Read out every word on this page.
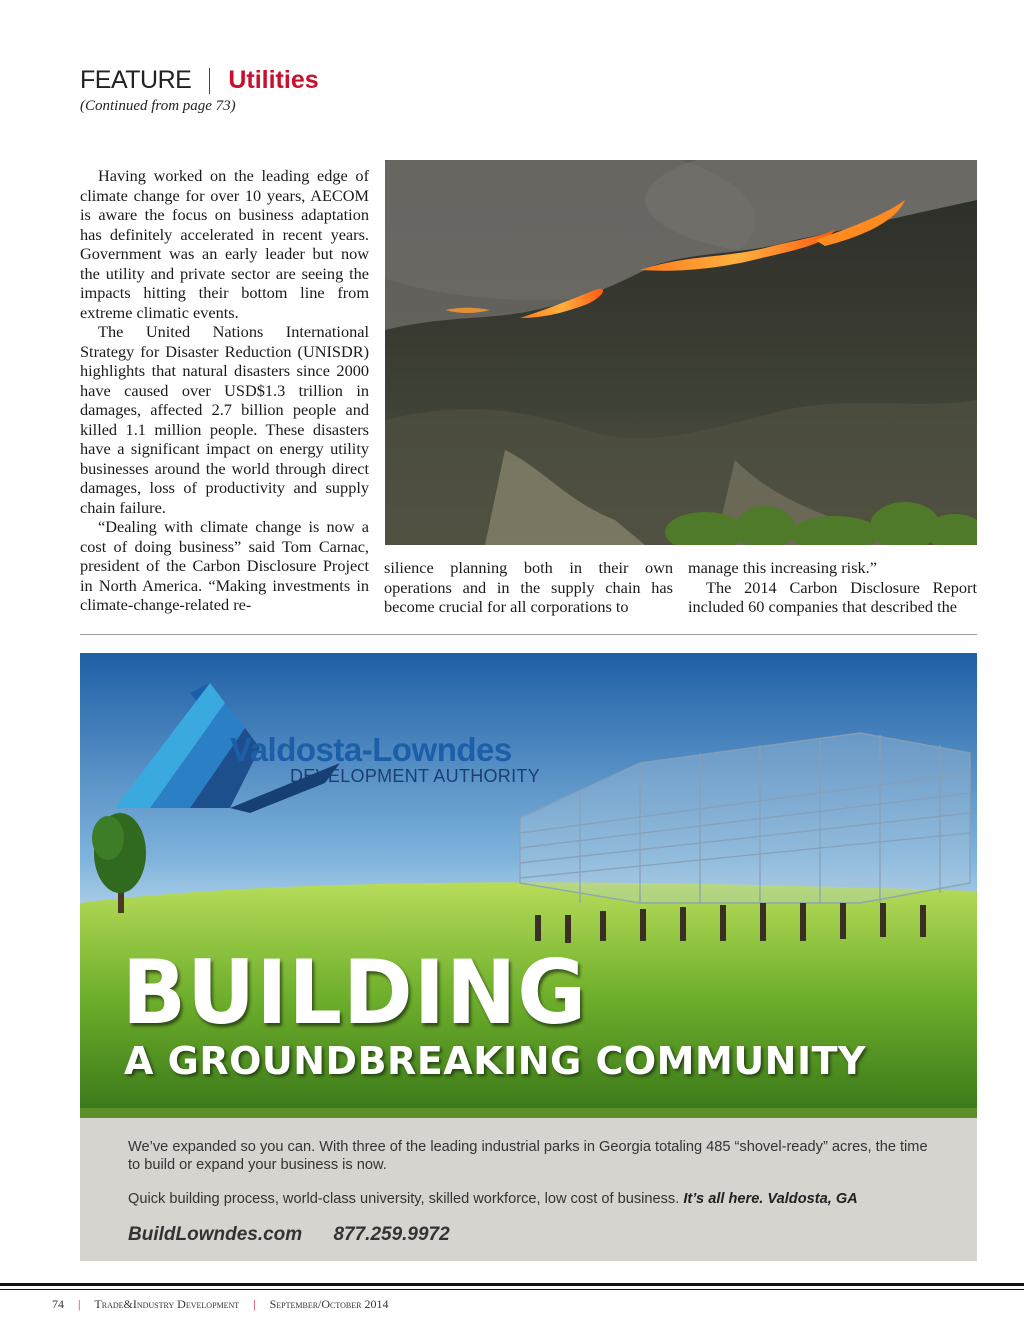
FEATURE Utilities
(Continued from page 73)

Having worked on the leading edge of climate change for over 10 years, AECOM is aware the focus on business adaptation has definitely accelerated in recent years. Government was an early leader but now the utility and private sector are seeing the impacts hitting their bottom line from extreme climatic events.

The United Nations International Strategy for Disaster Reduction (UNISDR) highlights that natural disasters since 2000 have caused over USD$1.3 trillion in damages, affected 2.7 billion people and killed 1.1 million people. These disasters have a significant impact on energy utility businesses around the world through direct damages, loss of productivity and supply chain failure.

“Dealing with climate change is now a cost of doing business” said Tom Carnac, president of the Carbon Disclosure Project in North America. “Making investments in climate-change-related re-

silience planning both in their own operations and in the supply chain has become crucial for all corporations to

manage this increasing risk.”

The 2014 Carbon Disclosure Report included 60 companies that described the

Valdosta-Lowndes
DEVELOPMENT AUTHORITY
BUILDING
A GROUNDBREAKING COMMUNITY
We’ve expanded so you can. With three of the leading industrial parks in Georgia totaling 485 “shovel-ready” acres, the time to build or expand your business is now.
Quick building process, world-class university, skilled workforce, low cost of business. It’s all here. Valdosta, GA
BuildLowndes.com 877.259.9972
74 | Trade&Industry Development | September/October 2014
